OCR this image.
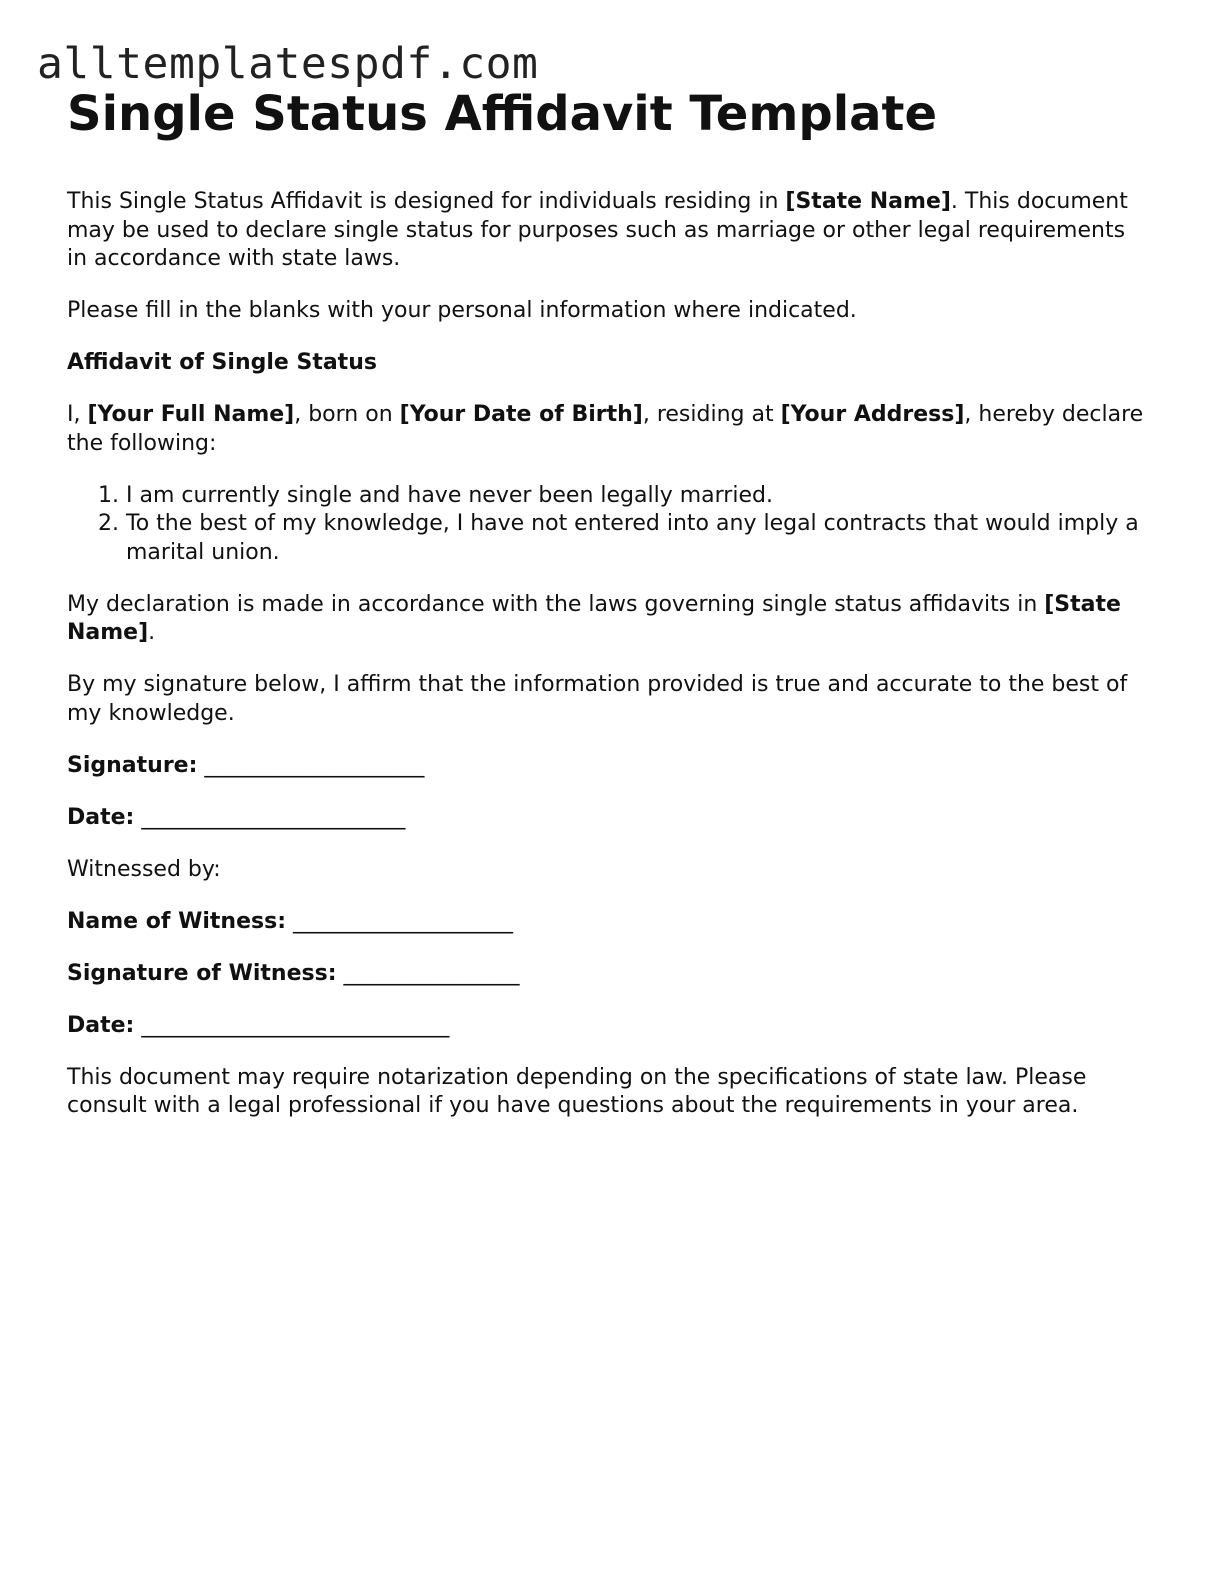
alltemplatespdf.com
Single Status Affidavit Template

This Single Status Affidavit is designed for individuals residing in [State Name]. This document may be used to declare single status for purposes such as marriage or other legal requirements in accordance with state laws.

Please fill in the blanks with your personal information where indicated.

Affidavit of Single Status

I, [Your Full Name], born on [Your Date of Birth], residing at [Your Address], hereby declare the following:

1. I am currently single and have never been legally married.
2. To the best of my knowledge, I have not entered into any legal contracts that would imply a marital union.

My declaration is made in accordance with the laws governing single status affidavits in [State Name].

By my signature below, I affirm that the information provided is true and accurate to the best of my knowledge.

Signature: ____________________

Date: ________________________

Witnessed by:

Name of Witness: ____________________

Signature of Witness: ________________

Date: ____________________________

This document may require notarization depending on the specifications of state law. Please consult with a legal professional if you have questions about the requirements in your area.
